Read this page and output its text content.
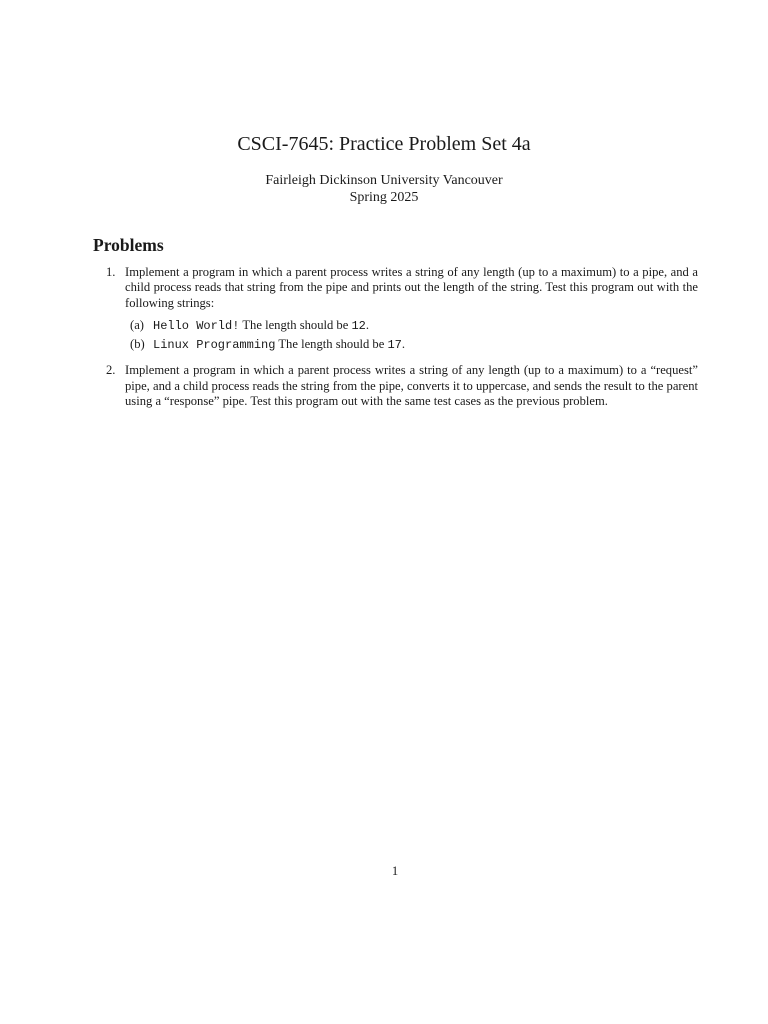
CSCI-7645: Practice Problem Set 4a
Fairleigh Dickinson University Vancouver
Spring 2025
Problems
1. Implement a program in which a parent process writes a string of any length (up to a maximum) to a pipe, and a child process reads that string from the pipe and prints out the length of the string. Test this program out with the following strings:
(a) Hello World! The length should be 12.
(b) Linux Programming The length should be 17.
2. Implement a program in which a parent process writes a string of any length (up to a maximum) to a “request” pipe, and a child process reads the string from the pipe, converts it to uppercase, and sends the result to the parent using a “response” pipe. Test this program out with the same test cases as the previous problem.
1
